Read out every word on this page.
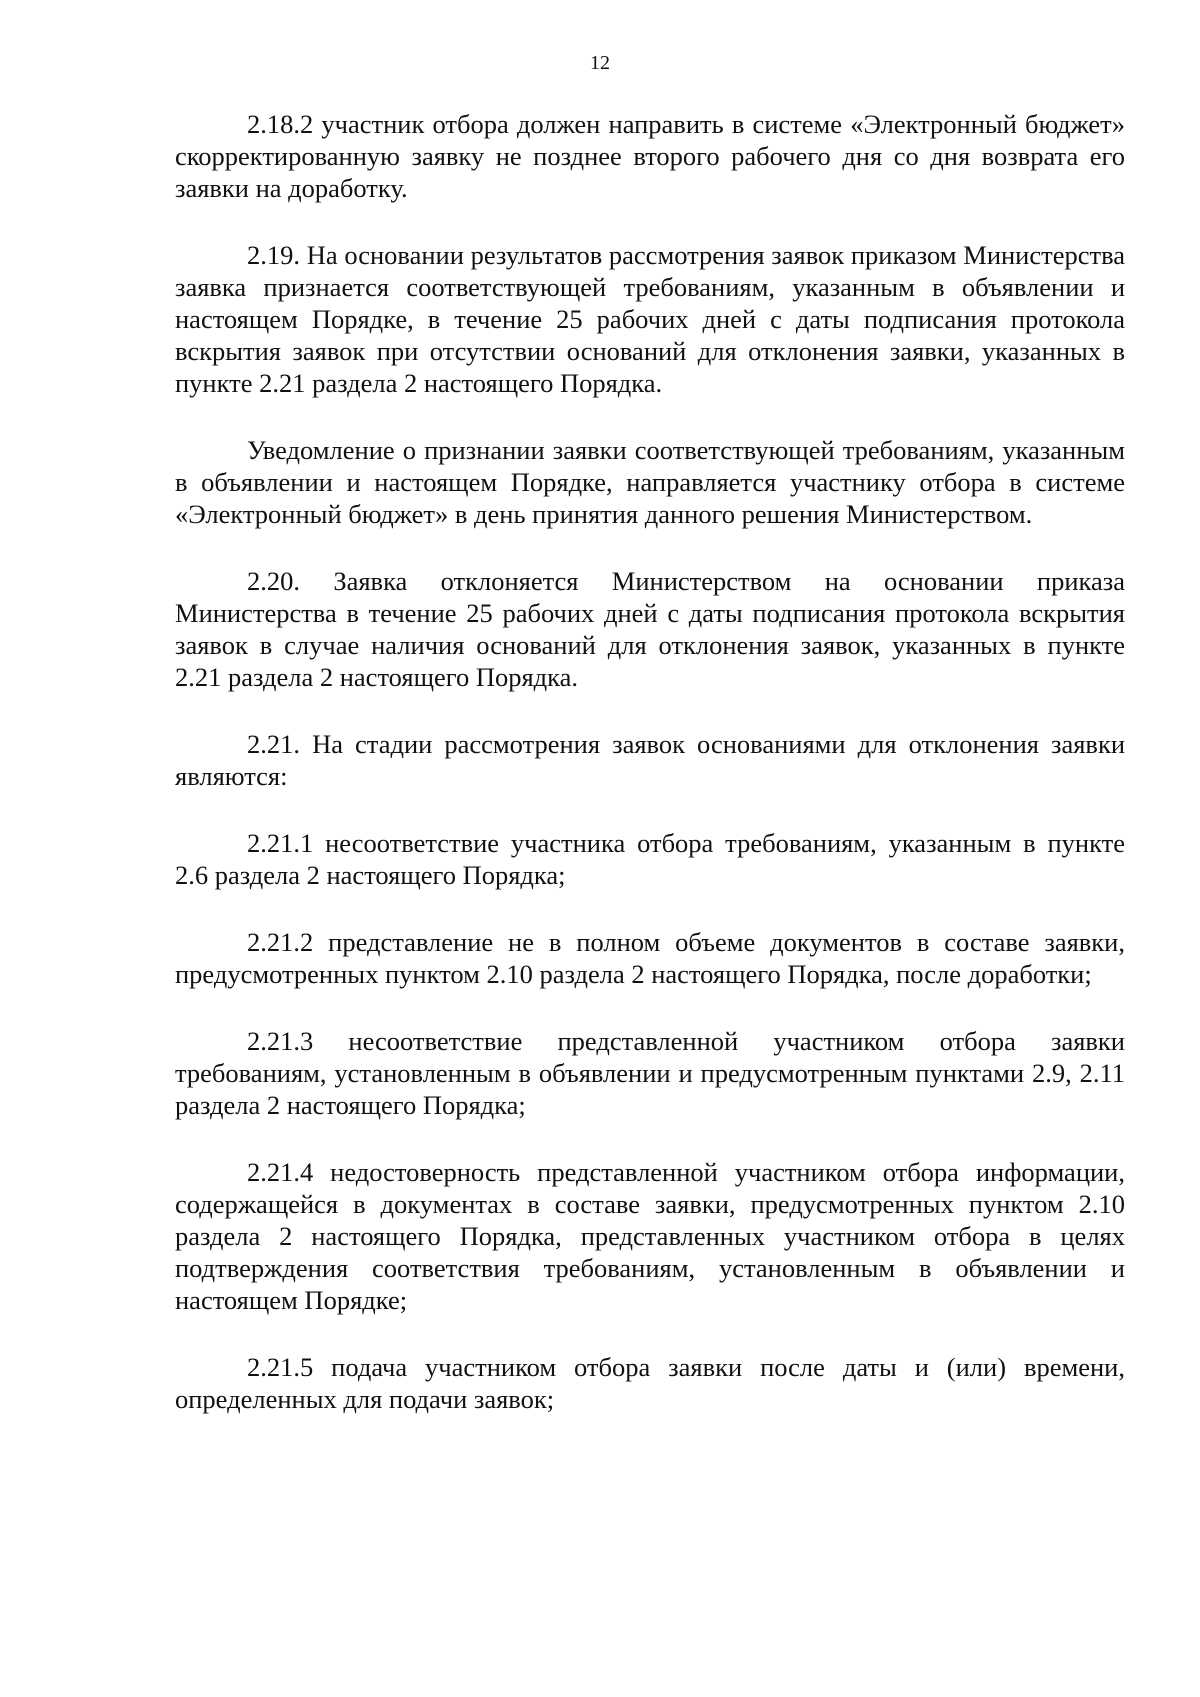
12

2.18.2 участник отбора должен направить в системе «Электронный бюджет» скорректированную заявку не позднее второго рабочего дня со дня возврата его заявки на доработку.

2.19. На основании результатов рассмотрения заявок приказом Министерства заявка признается соответствующей требованиям, указанным в объявлении и настоящем Порядке, в течение 25 рабочих дней с даты подписания протокола вскрытия заявок при отсутствии оснований для отклонения заявки, указанных в пункте 2.21 раздела 2 настоящего Порядка.

Уведомление о признании заявки соответствующей требованиям, указанным в объявлении и настоящем Порядке, направляется участнику отбора в системе «Электронный бюджет» в день принятия данного решения Министерством.

2.20. Заявка отклоняется Министерством на основании приказа Министерства в течение 25 рабочих дней с даты подписания протокола вскрытия заявок в случае наличия оснований для отклонения заявок, указанных в пункте 2.21 раздела 2 настоящего Порядка.

2.21. На стадии рассмотрения заявок основаниями для отклонения заявки являются:

2.21.1 несоответствие участника отбора требованиям, указанным в пункте 2.6 раздела 2 настоящего Порядка;

2.21.2 представление не в полном объеме документов в составе заявки, предусмотренных пунктом 2.10 раздела 2 настоящего Порядка, после доработки;

2.21.3 несоответствие представленной участником отбора заявки требованиям, установленным в объявлении и предусмотренным пунктами 2.9, 2.11 раздела 2 настоящего Порядка;

2.21.4 недостоверность представленной участником отбора информации, содержащейся в документах в составе заявки, предусмотренных пунктом 2.10 раздела 2 настоящего Порядка, представленных участником отбора в целях подтверждения соответствия требованиям, установленным в объявлении и настоящем Порядке;

2.21.5 подача участником отбора заявки после даты и (или) времени, определенных для подачи заявок;
